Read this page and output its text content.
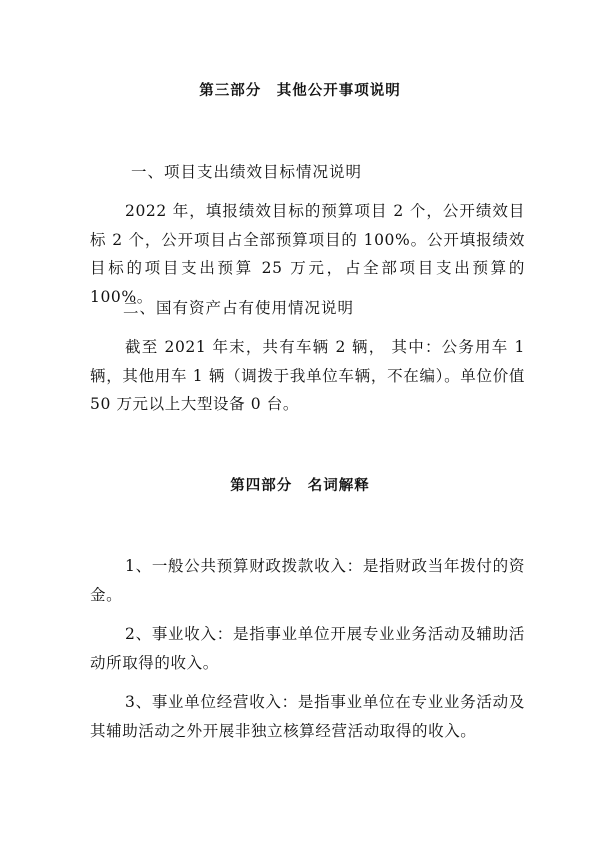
第三部分　其他公开事项说明
一、项目支出绩效目标情况说明
2022 年，填报绩效目标的预算项目 2 个，公开绩效目标 2 个，公开项目占全部预算项目的 100%。公开填报绩效目标的项目支出预算 25 万元，占全部项目支出预算的 100%。
二、国有资产占有使用情况说明
截至 2021 年末，共有车辆 2 辆， 其中：公务用车 1 辆，其他用车 1 辆（调拨于我单位车辆，不在编）。单位价值 50 万元以上大型设备 0 台。
第四部分　名词解释
1、一般公共预算财政拨款收入：是指财政当年拨付的资金。
2、事业收入：是指事业单位开展专业业务活动及辅助活动所取得的收入。
3、事业单位经营收入：是指事业单位在专业业务活动及其辅助活动之外开展非独立核算经营活动取得的收入。
